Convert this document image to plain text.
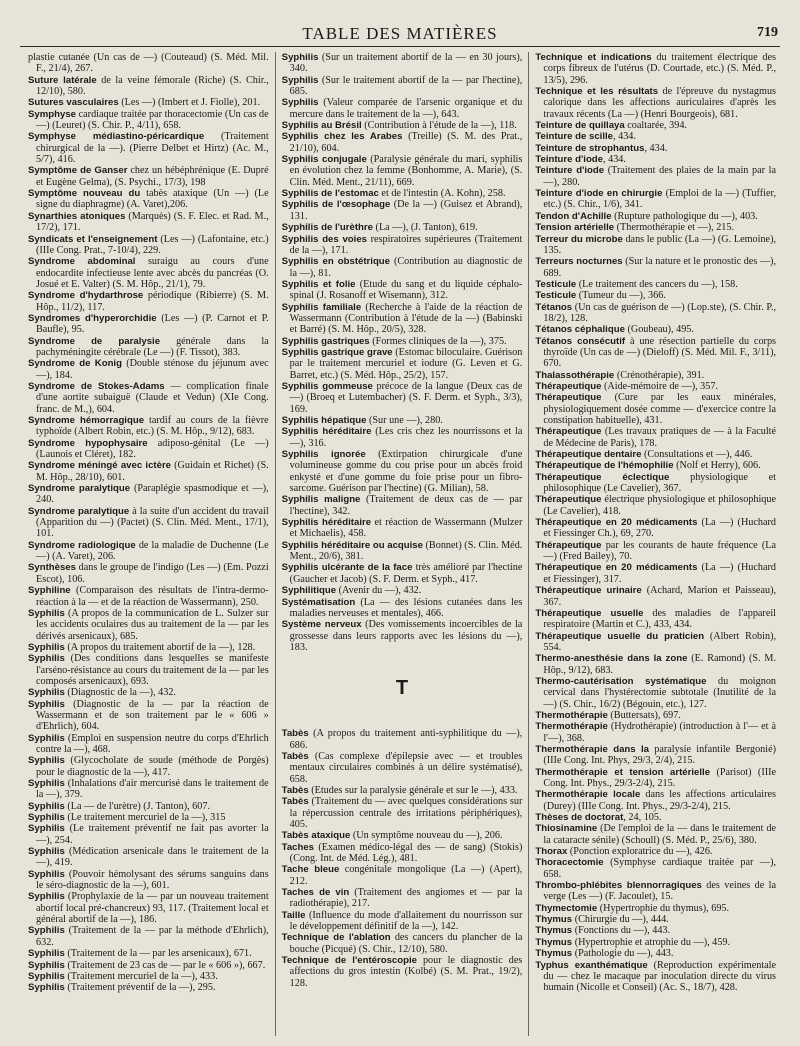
TABLE DES MATIÈRES	719

plastie cutanée (Un cas de —) (Couteaud) (S. Méd. Mil. F., 21/4), 267.

Suture latérale de la veine fémorale (Riche) (S. Chir., 12/10), 580.

Sutures vasculaires (Les —) (Imbert et J. Fiolle), 201.

Symphyse cardiaque traitée par thoracectomie (Un cas de —) (Leuret) (S. Chir. P., 4/11), 658.

Symphyse médiastino-péricardique (Traitement chirurgical de la —). (Pierre Delbet et Hirtz) (Ac. M., 5/7), 416.

Symptôme de Ganser chez un hébéphrénique (E. Dupré et Eugène Gelma), (S. Psychi., 17/3), 198

Symptôme nouveau du tabès ataxique (Un —) (Le signe du diaphragme) (A. Varet),206.

Synarthies atoniques (Marquès) (S. F. Elec. et Rad. M., 17/2), 171.

Syndicats et l'enseignement (Les —) (Lafontaine, etc.) (IIIe Cong. Prat., 7-10/4), 229.

Syndrome abdominal suraigu au cours d'une endocardite infectieuse lente avec abcès du pancréas (O. Josué et E. Valter) (S. M. Hôp., 21/1), 79.

Syndrome d'hydarthrose périodique (Ribierre) (S. M. Hôp., 11/2), 117.

Syndromes d'hyperorchidie (Les —) (P. Carnot et P. Baufle), 95.

Syndrome de paralysie générale dans la pachyméningite cérébrale (Le —) (F. Tissot), 383.

Syndrome de Konig (Double sténose du jéjunum avec —), 184.

Syndrome de Stokes-Adams — complication finale d'une aortite subaiguë (Claude et Vedun) (XIe Cong. franc. de M.,), 604.

Syndrome hémorragique tardif au cours de la fièvre typhoïde (Albert Robin, etc.) (S. M. Hôp., 9/12), 683.

Syndrome hypophysaire adiposo-génital (Le —) (Launois et Cléret), 182.

Syndrome méningé avec ictère (Guidain et Richet) (S. M. Hôp., 28/10), 601.

Syndrome paralytique (Paraplégie spasmodique et —), 240.

Syndrome paralytique à la suite d'un accident du travail (Apparition du —) (Pactet) (S. Clin. Méd. Ment., 17/1), 101.

Syndrome radiologique de la maladie de Duchenne (Le —) (A. Varet), 206.

Synthèses dans le groupe de l'indigo (Les —) (Em. Pozzi Escot), 106.

Syphiline (Comparaison des résultats de l'intra-dermo-réaction à la — et de la réaction de Wassermann), 250.

Syphilis (A propos de la communication de L. Sulzer sur les accidents oculaires dus au traitement de la — par les dérivés arsenicaux), 685.

Syphilis (A propos du traitement abortif de la —), 128.

Syphilis (Des conditions dans lesquelles se manifeste l'arséno-résistance au cours du traitement de la — par les composés arsenicaux), 693.

Syphilis (Diagnostic de la —), 432.

Syphilis (Diagnostic de la — par la réaction de Wassermann et de son traitement par le « 606 » d'Ehrlich), 604.

Syphilis (Emploi en suspension neutre du corps d'Ehrlich contre la —), 468.

Syphilis (Glycocholate de soude (méthode de Porgès) pour le diagnostic de la —), 417.

Syphilis (Inhalations d'air mercurisé dans le traitement de la —), 379.

Syphilis (La — de l'urètre) (J. Tanton), 607.

Syphilis (Le traitement mercuriel de la —), 315

Syphilis (Le traitement préventif ne fait pas avorter la —), 254.

Syphilis (Médication arsenicale dans le traitement de la —), 419.

Syphilis (Pouvoir hémolysant des sérums sanguins dans le séro-diagnostic de la —), 601.

Syphilis (Prophylaxie de la — par un nouveau traitement abortif local pré-chancreux) 93, 117. (Traitement local et général abortif de la —), 186.

Syphilis (Traitement de la — par la méthode d'Ehrlich), 632.

Syphilis (Traitement de la — par les arsenicaux), 671.

Syphilis (Traitement de 23 cas de — par le « 606 »), 667.

Syphilis (Traitement mercuriel de la —), 433.

Syphilis (Traitement préventif de la —), 295.

Syphilis (Sur un traitement abortif de la — en 30 jours), 340.

Syphilis (Sur le traitement abortif de la — par l'hectine), 685.

Syphilis (Valeur comparée de l'arsenic organique et du mercure dans le traitement de la —), 643.

Syphilis au Brésil (Contribution à l'étude de la —), 118.

Syphilis chez les Arabes (Treille) (S. M. des Prat., 21/10), 604.

Syphilis conjugale (Paralysie générale du mari, syphilis en évolution chez la femme (Bonhomme, A. Marie), (S. Clin. Méd. Ment., 21/11), 669.

Syphilis de l'estomac et de l'intestin (A. Kohn), 258.

Syphilis de l'œsophage (De la —) (Guisez et Abrand), 131.

Syphilis de l'urèthre (La —), (J. Tanton), 619.

Syphilis des voies respiratoires supérieures (Traitement de la —), 171.

Syphilis en obstétrique (Contribution au diagnostic de la —), 81.

Syphilis et folie (Etude du sang et du liquide céphalo-spinal (J. Rosanoff et Wisemann), 312.

Syphilis familiale (Recherche à l'aide de la réaction de Wassermann (Contribution à l'étude de la —) (Babinski et Barré) (S. M. Hôp., 20/5), 328.

Syphilis gastriques (Formes cliniques de la —), 375.

Syphilis gastrique grave (Estomac biloculaire. Guérison par le traitement mercuriel et iodure (G. Leven et G. Barret, etc.) (S. Méd. Hôp., 25/2), 157.

Syphilis gommeuse précoce de la langue (Deux cas de —) (Broeq et Lutembacher) (S. F. Derm. et Syph., 3/3), 169.

Syphilis hépatique (Sur une —), 280.

Syphilis héréditaire (Les cris chez les nourrissons et la —), 316.

Syphilis ignorée (Extirpation chirurgicale d'une volumineuse gomme du cou prise pour un abcès froid enkysté et d'une gomme du foie prise pour un fibro-sarcome. Guérison par l'hectine) (G. Milian), 58.

Syphilis maligne (Traitement de deux cas de — par l'hectine), 342.

Syphilis héréditaire et réaction de Wassermann (Mulzer et Michaelis), 458.

Syphilis héréditaire ou acquise (Bonnet) (S. Clin. Méd. Ment., 20/6), 381.

Syphilis ulcérante de la face très amélioré par l'hectine (Gaucher et Jacob) (S. F. Derm. et Syph., 417.

Syphilitique (Avenir du —), 432.

Systématisation (La — des lésions cutanées dans les maladies nerveuses et mentales), 466.

Système nerveux (Des vomissements incoercibles de la grossesse dans leurs rapports avec les lésions du —), 183.

T

Tabès (A propos du traitement anti-syphilitique du —), 686.

Tabès (Cas complexe d'épilepsie avec — et troubles mentaux circulaires combinés à un délire systématisé), 658.

Tabès (Etudes sur la paralysie générale et sur le —), 433.

Tabès (Traitement du — avec quelques considérations sur la répercussion centrale des irritations périphériques), 405.

Tabès ataxique (Un symptôme nouveau du —), 206.

Taches (Examen médico-légal des — de sang) (Stokis) (Cong. Int. de Méd. Lég.), 481.

Tache bleue congénitale mongolique (La —) (Apert), 212.

Taches de vin (Traitement des angiomes et — par la radiothérapie), 217.

Taille (Influence du mode d'allaitement du nourrisson sur le développement définitif de la —), 142.

Technique de l'ablation des cancers du plancher de la bouche (Picqué) (S. Chir., 12/10), 580.

Technique de l'entéroscopie pour le diagnostic des affections du gros intestin (Kolbé) (S. M. Prat., 19/2), 128.

Technique et indications du traitement électrique des corps fibreux de l'utérus (D. Courtade, etc.) (S. Méd. P., 13/5), 296.

Technique et les résultats de l'épreuve du nystagmus calorique dans les affections auriculaires d'après les travaux récents (La —) (Henri Bourgeois), 681.

Teinture de quillaya coaltarée, 394.

Teinture de scille, 434.

Teinture de strophantus, 434.

Teinture d'iode, 434.

Teinture d'iode (Traitement des plaies de la main par la —), 280.

Teinture d'iode en chirurgie (Emploi de la —) (Tuffier, etc.) (S. Chir., 1/6), 341.

Tendon d'Achille (Rupture pathologique du —), 403.

Tension artérielle (Thermothérapie et —), 215.

Terreur du microbe dans le public (La —) (G. Lemoine), 135.

Terreurs nocturnes (Sur la nature et le pronostic des —), 689.

Testicule (Le traitement des cancers du —), 158.

Testicule (Tumeur du —), 366.

Tétanos (Un cas de guérison de —) (Lop.ste), (S. Chir. P., 18/2), 128.

Tétanos céphalique (Goubeau), 495.

Tétanos consécutif à une résection partielle du corps thyroïde (Un cas de —) (Dieloff) (S. Méd. Mil. F., 3/11), 670.

Thalassothérapie (Crénothérapie), 391.

Thérapeutique (Aide-mémoire de —), 357.

Thérapeutique (Cure par les eaux minérales, physiologiquement dosée comme — d'exercice contre la constipation habituelle), 431.

Thérapeutique (Les travaux pratiques de — à la Faculté de Médecine de Paris), 178.

Thérapeutique dentaire (Consultations et —), 446.

Thérapeutique de l'hémophilie (Nolf et Herry), 606.

Thérapeutique éclectique physiologique et philosophique (Le Cavelier), 367.

Thérapeutique électrique physiologique et philosophique (Le Cavelier), 418.

Thérapeutique en 20 médicaments (La —) (Huchard et Fiessinger Ch.), 69, 270.

Thérapeutique par les courants de haute fréquence (La —) (Fred Bailey), 70.

Thérapeutique en 20 médicaments (La —) (Huchard et Fiessinger), 317.

Thérapeutique urinaire (Achard, Marion et Paisseau), 367.

Thérapeutique usuelle des maladies de l'appareil respiratoire (Martin et C.), 433, 434.

Thérapeutique usuelle du praticien (Albert Robin), 554.

Thermo-anesthésie dans la zone (E. Ramond) (S. M. Hôp., 9/12), 683.

Thermo-cautérisation systématique du moignon cervical dans l'hystérectomie subtotale (Inutilité de la —) (S. Chir., 16/2) (Bégouin, etc.), 127.

Thermothérapie (Buttersats), 697.

Thermothérapie (Hydrothérapie) (introduction à l'— et à l'—), 368.

Thermothérapie dans la paralysie infantile Bergonié) (IIIe Cong. Int. Phys, 29/3, 2/4), 215.

Thermothérapie et tension artérielle (Parisot) (IIIe Cong. Int. Phys., 29/3-2/4), 215.

Thermothérapie locale dans les affections articulaires (Durey) (IIIe Cong. Int. Phys., 29/3-2/4), 215.

Thèses de doctorat, 24, 105.

Thiosinamine (De l'emploi de la — dans le traitement de la cataracte sénile) (Schoull) (S. Méd. P., 25/6), 380.

Thorax (Ponction exploratrice du —), 426.

Thoracectomie (Symphyse cardiaque traitée par —), 658.

Thrombo-phlébites blennorragiques des veines de la verge (Les —) (F. Jacoulet), 15.

Thymectomie (Hypertrophie du thymus), 695.

Thymus (Chirurgie du —), 444.

Thymus (Fonctions du —), 443.

Thymus (Hypertrophie et atrophie du —), 459.

Thymus (Pathologie du —), 443.

Typhus exanthématique (Reproduction expérimentale du — chez le macaque par inoculation directe du virus humain (Nicolle et Conseil) (Ac. S., 18/7), 428.
